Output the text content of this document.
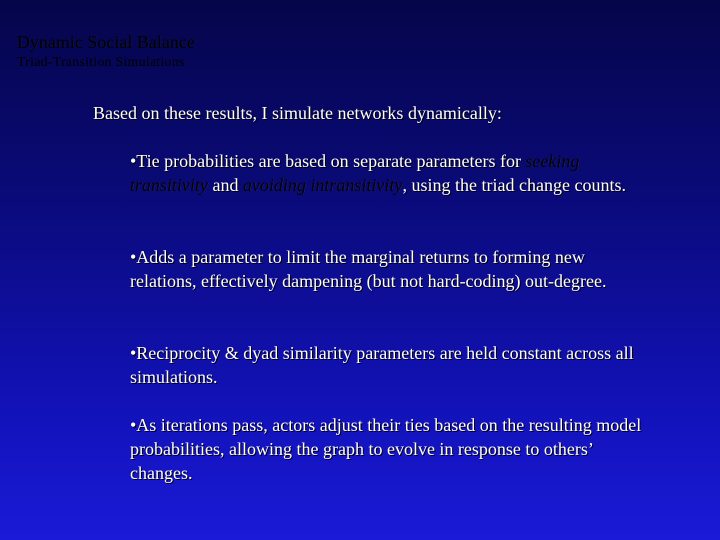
Dynamic Social Balance
Triad-Transition Simulations

Based on these results, I simulate networks dynamically:

•Tie probabilities are based on separate parameters for seeking transitivity and avoiding intransitivity, using the triad change counts.

•Adds a parameter to limit the marginal returns to forming new relations, effectively dampening (but not hard-coding) out-degree.

•Reciprocity & dyad similarity parameters are held constant across all simulations.

•As iterations pass, actors adjust their ties based on the resulting model probabilities, allowing the graph to evolve in response to others’ changes.
